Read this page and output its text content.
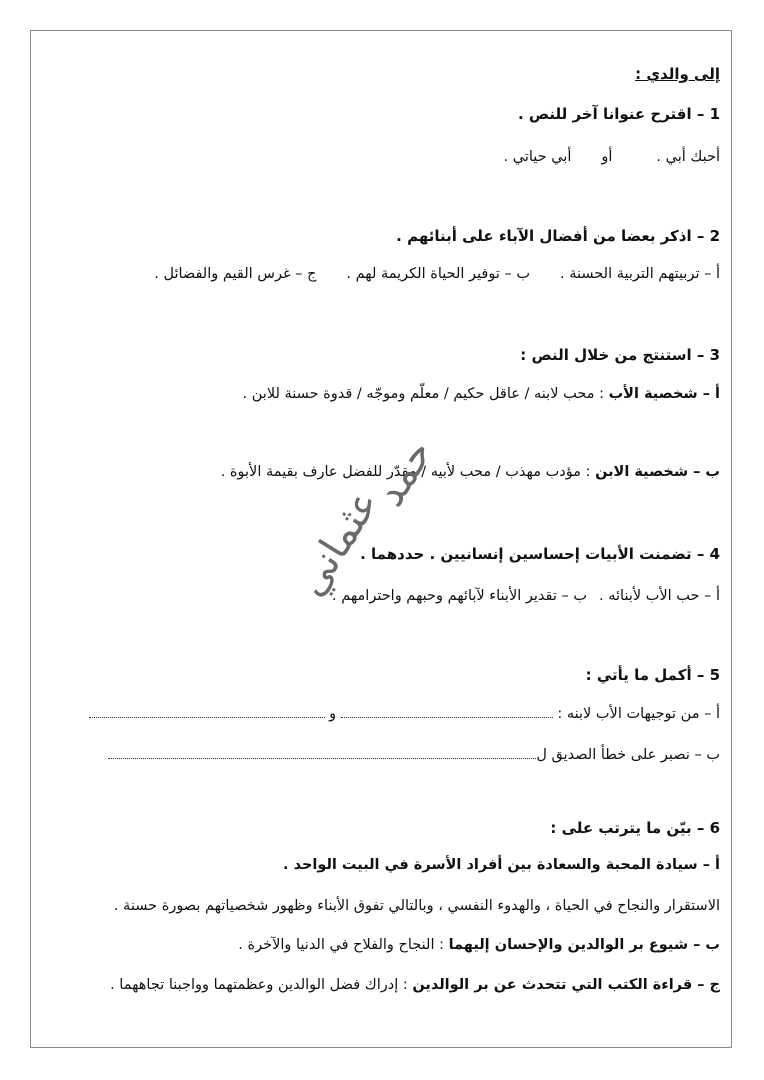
إلى والدي :
1 – اقترح عنوانا آخر للنص .
أحبك أبي .أوأبي حياتي .
2 – اذكر بعضا من أفضال الآباء على أبنائهم .
أ – تربيتهم التربية الحسنة .ب – توفير الحياة الكريمة لهم .ج – غرس القيم والفضائل .
3 – استنتج من خلال النص :
أ – شخصية الأب : محب لابنه / عاقل حكيم / معلّم وموجّه / قدوة حسنة للابن .
ب – شخصية الابن : مؤدب مهذب / محب لأبيه / مقدّر للفضل عارف بقيمة الأبوة .
4 – تضمنت الأبيات إحساسين إنسانيين . حددهما .
أ – حب الأب لأبنائه .ب – تقدير الأبناء لآبائهم وحبهم واحترامهم .
5 – أكمل ما يأتي :
أ – من توجيهات الأب لابنه :  و
ب – نصبر على خطأ الصديق ل
6 – بيّن ما يترتب على :
أ – سيادة المحبة والسعادة بين أفراد الأسرة في البيت الواحد .
الاستقرار والنجاح في الحياة ، والهدوء النفسي ، وبالتالي تفوق الأبناء وظهور شخصياتهم بصورة حسنة .
ب – شيوع بر الوالدين والإحسان إليهما : النجاح والفلاح في الدنيا والآخرة .
ج – قراءة الكتب التي تتحدث عن بر الوالدين : إدراك فضل الوالدين وعظمتهما وواجبنا تجاههما .
حمد
عثماني
